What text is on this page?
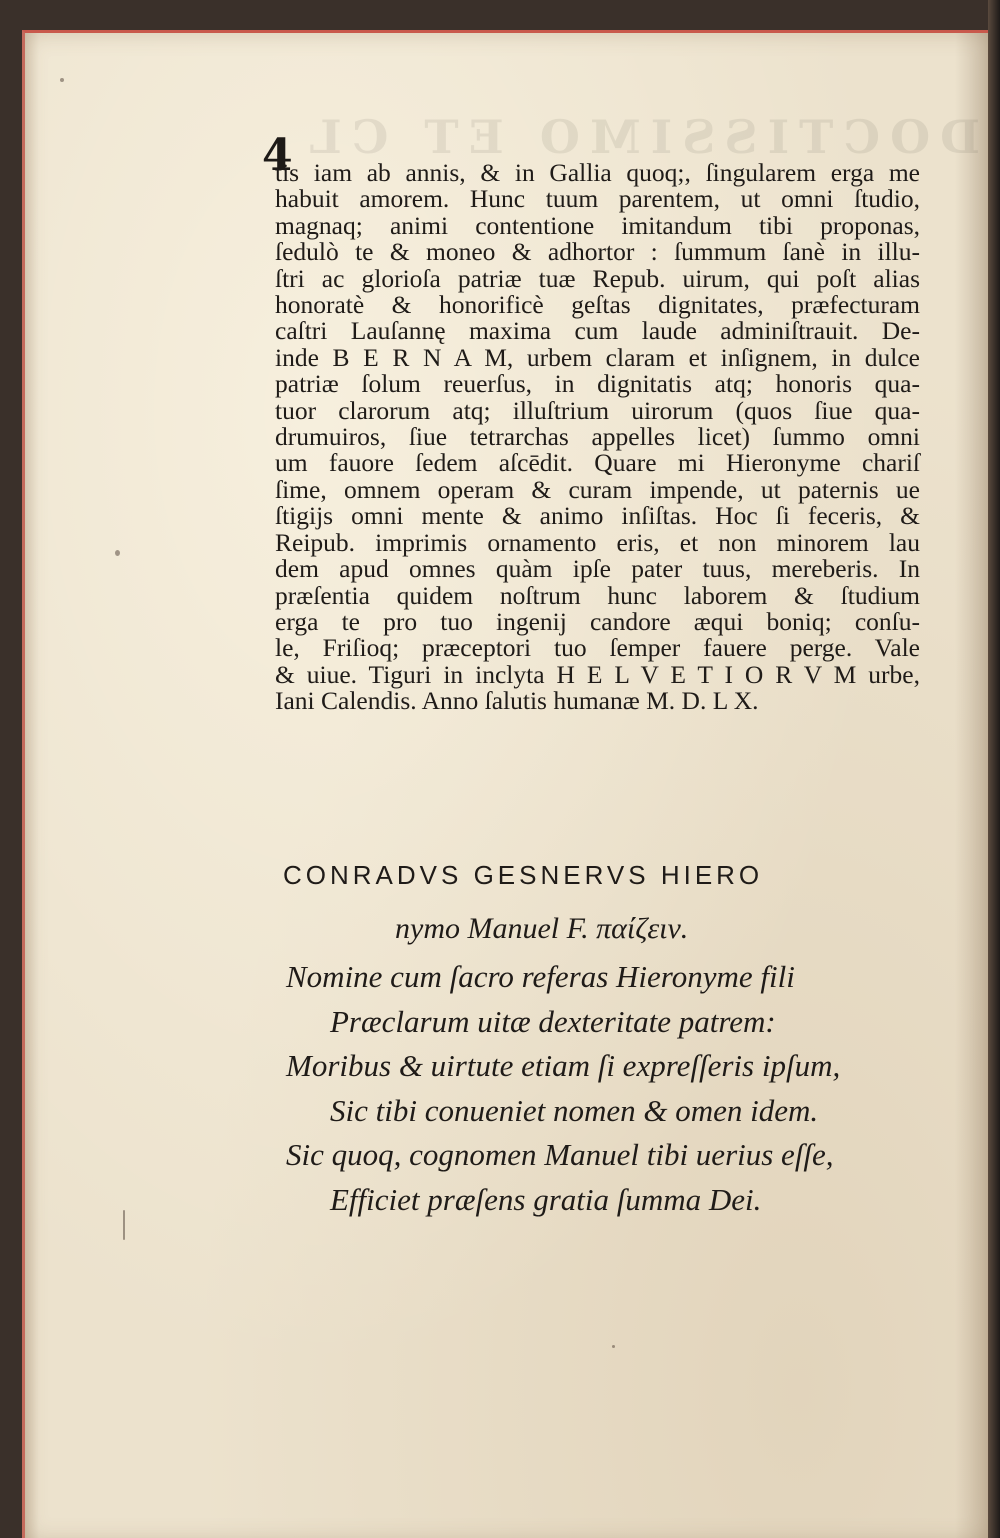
DOCTISSIMO ET CL
4
tis iam ab annis, & in Gallia quoq;, ſingularem erga me
habuit amorem. Hunc tuum parentem, ut omni ſtudio,
magnaq; animi contentione imitandum tibi proponas,
ſedulò te & moneo & adhortor : ſummum ſanè in illu-
ſtri ac glorioſa patriæ tuæ Repub. uirum, qui poſt alias
honoratè & honorificè geſtas dignitates, præfecturam
caſtri Lauſannę maxima cum laude adminiſtrauit. De-
inde B E R N A M, urbem claram et inſignem, in dulce
patriæ ſolum reuerſus, in dignitatis atq; honoris qua-
tuor clarorum atq; illuſtrium uirorum (quos ſiue qua-
drumuiros, ſiue tetrarchas appelles licet) ſummo omni
um fauore ſedem aſcēdit. Quare mi Hieronyme chariſ
ſime, omnem operam & curam impende, ut paternis ue
ſtigijs omni mente & animo inſiſtas. Hoc ſi feceris, &
Reipub. imprimis ornamento eris, et non minorem lau
dem apud omnes quàm ipſe pater tuus, mereberis. In
præſentia quidem noſtrum hunc laborem & ſtudium
erga te pro tuo ingenij candore æqui boniq; conſu-
le, Friſioq; præceptori tuo ſemper fauere perge. Vale
& uiue. Tiguri in inclyta H E L V E T I O R V M urbe,
Iani Calendis. Anno ſalutis humanæ M. D. L X.
CONRADVS GESNERVS HIERO
nymo Manuel F. παίζειν.
Nomine cum ſacro referas Hieronyme fili
Præclarum uitæ dexteritate patrem:
Moribus & uirtute etiam ſi expreſſeris ipſum,
Sic tibi conueniet nomen & omen idem.
Sic quoq, cognomen Manuel tibi uerius eſſe,
Efficiet præſens gratia ſumma Dei.
